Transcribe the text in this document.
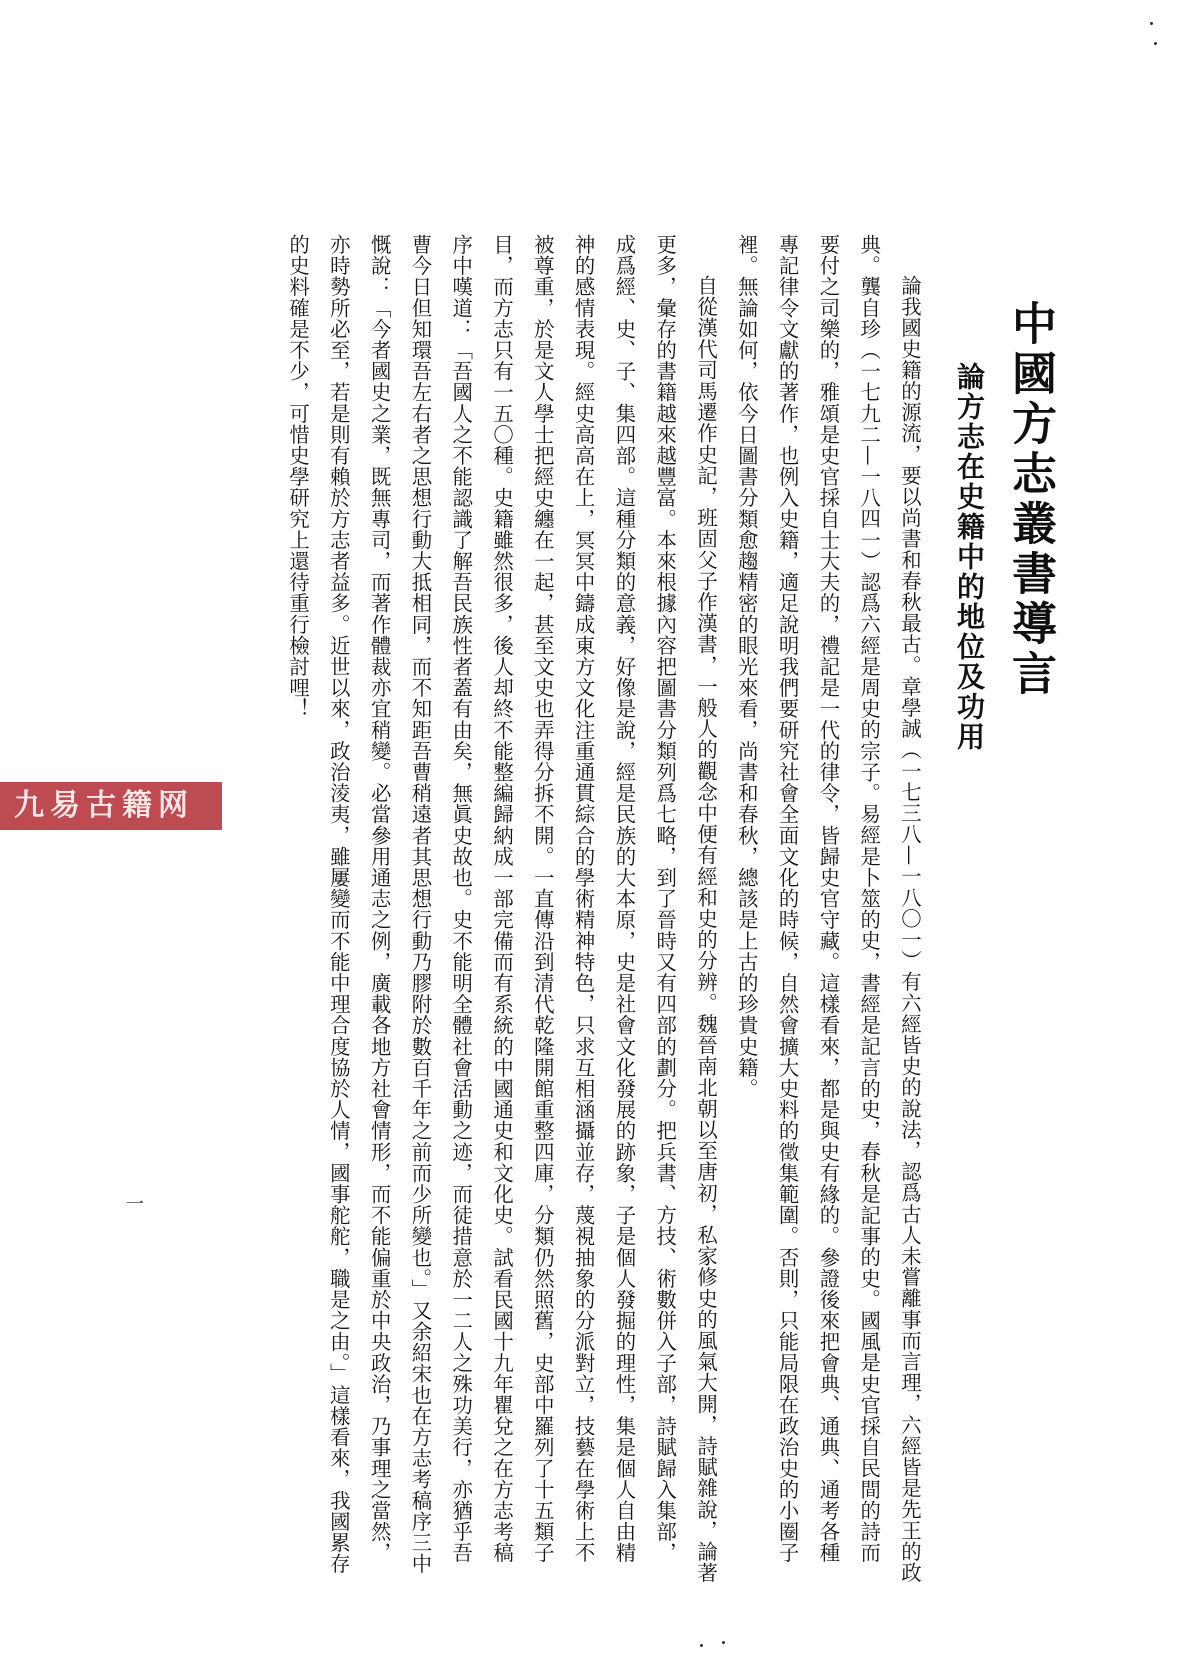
中國方志叢書導言
論方志在史籍中的地位及功用

論我國史籍的源流，要以尚書和春秋最古。章學誠（一七三八—一八〇一）有六經皆史的說法，認爲古人未嘗離事而言理，六經皆是先王的政典。龔自珍（一七九二—一八四一）認爲六經是周史的宗子。易經是卜筮的史，書經是記言的史，春秋是記事的史。國風是史官採自民間的詩而要付之司樂的，雅頌是史官採自士大夫的，禮記是一代的律令，皆歸史官守藏。這樣看來，都是與史有緣的。參證後來把會典、通典、通考各種專記律令文獻的著作，也例入史籍，適足說明我們要研究社會全面文化的時候，自然會擴大史料的徵集範圍。否則，只能局限在政治史的小圈子裡。無論如何，依今日圖書分類愈趨精密的眼光來看，尚書和春秋，總該是上古的珍貴史籍。

自從漢代司馬遷作史記，班固父子作漢書，一般人的觀念中便有經和史的分辨。魏晉南北朝以至唐初，私家修史的風氣大開，詩賦雜說，論著更多，彙存的書籍越來越豐富。本來根據內容把圖書分類列爲七略，到了晉時又有四部的劃分。把兵書、方技、術數併入子部，詩賦歸入集部，成爲經、史、子、集四部。這種分類的意義，好像是說，經是民族的大本原，史是社會文化發展的跡象，子是個人發掘的理性，集是個人自由精神的感情表現。經史高高在上，冥冥中鑄成東方文化注重通貫綜合的學術精神特色，只求互相涵攝並存，蔑視抽象的分派對立，技藝在學術上不被尊重，於是文人學士把經史纏在一起，甚至文史也弄得分拆不開。一直傳沿到清代乾隆開館重整四庫，分類仍然照舊，史部中羅列了十五類子目，而方志只有一五〇種。史籍雖然很多，後人却終不能整編歸納成一部完備而有系統的中國通史和文化史。試看民國十九年瞿兌之在方志考稿序中嘆道：「吾國人之不能認識了解吾民族性者蓋有由矣，無眞史故也。史不能明全體社會活動之迹，而徒措意於一二人之殊功美行，亦猶乎吾曹今日但知環吾左右者之思想行動大抵相同，而不知距吾曹稍遠者其思想行動乃膠附於數百千年之前而少所變也。」又余紹宋也在方志考稿序三中慨說：「今者國史之業，既無專司，而著作體裁亦宜稍變。必當參用通志之例，廣載各地方社會情形，而不能偏重於中央政治，乃事理之當然，亦時勢所必至，若是則有賴於方志者益多。近世以來，政治淩夷，雖屢變而不能中理合度協於人情，國事舵舵，職是之由。」這樣看來，我國累存的史料確是不少，可惜史學研究上還待重行檢討哩！

九易古籍网
一
